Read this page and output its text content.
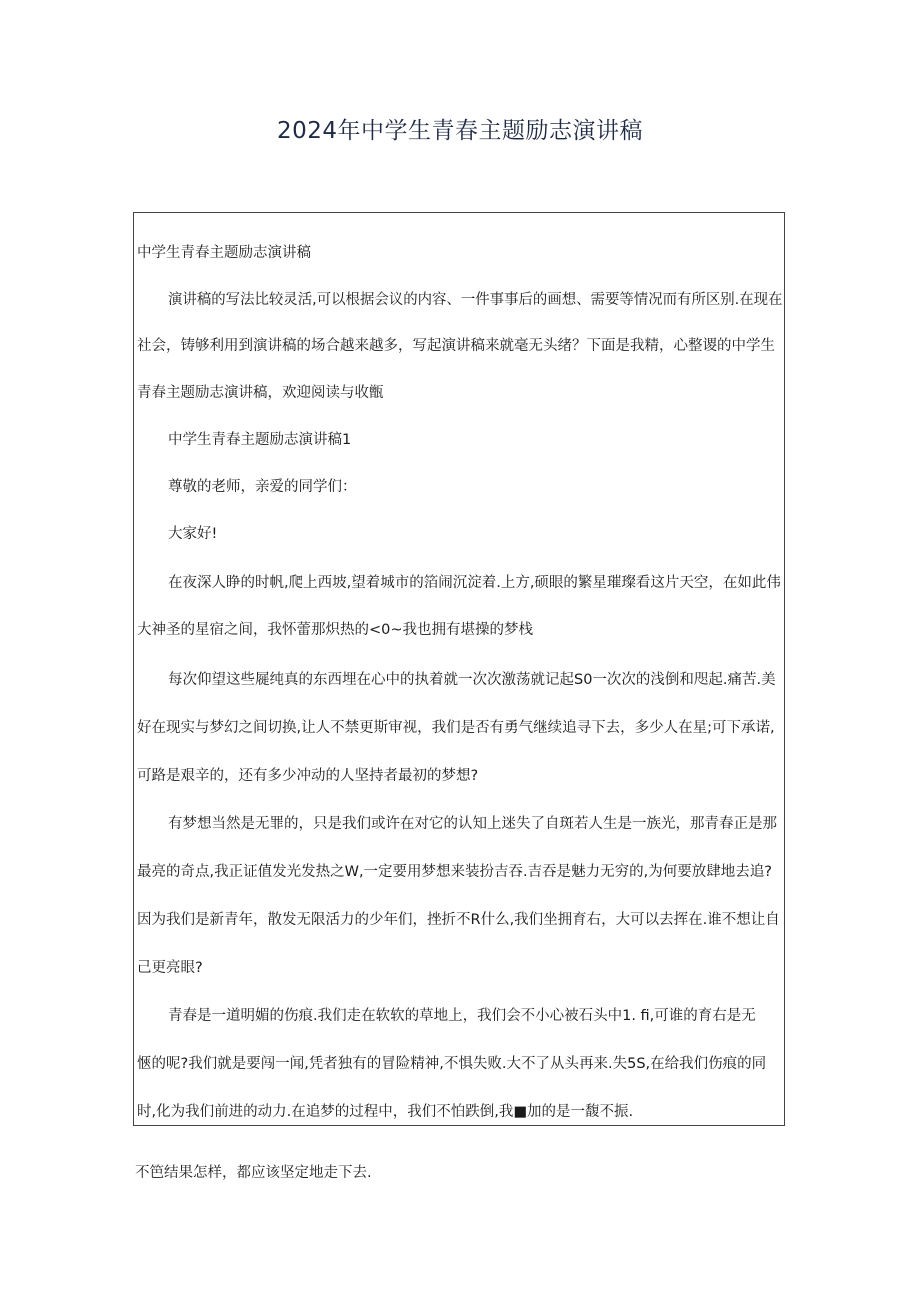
2024年中学生青春主题励志演讲稿
中学生青春主题励志演讲稿
演讲稿的写法比较灵活,可以根据会议的内容、一件事事后的画想、需要等情况而有所区别.在现在
社会，铸够利用到演讲稿的场合越来越多，写起演讲稿来就毫无头绪？下面是我精，心整谡的中学生
青春主题励志演讲稿，欢迎阅读与收甑
中学生青春主题励志演讲稿1
尊敬的老师，亲爱的同学们：
大家好!
在夜深人睁的时帆,爬上西坡,望着城市的箔闹沉淀着.上方,硕眼的繁星璀璨看这片天空，在如此伟
大神圣的星宿之间，我怀蕾那炽热的<0~我也拥有堪操的梦栈
每次仰望这些屣纯真的东西埋在心中的执着就一次次激荡就记起S0一次次的浅倒和咫起.痛苦.美
好在现实与梦幻之间切换,让人不禁更斯审视，我们是否有勇气继续追寻下去，多少人在星;可下承诺,
可路是艰辛的，还有多少冲动的人坚持者最初的梦想?
有梦想当然是无罪的，只是我们或许在对它的认知上迷失了自斑若人生是一族光，那青春正是那
最亮的奇点,我正证值发光发热之W,一定要用梦想来装扮吉吞.吉吞是魅力无穷的,为何要放肆地去追?
因为我们是新青年，散发无限活力的少年们，挫折不R什么,我们坐拥育右，大可以去挥在.谁不想让自
己更亮眼?
青春是一道明媚的伤痕.我们走在软软的草地上，我们会不小心被石头中1. fi,可谁的育右是无
愜的呢?我们就是要闯一闻,凭者独有的冒险精神,不惧失败.大不了从头再来.失5S,在给我们伤痕的同
时,化为我们前进的动力.在追梦的过程中，我们不怕跌倒,我■加的是一馥不振.
不笆结果怎样，都应该坚定地走下去.
